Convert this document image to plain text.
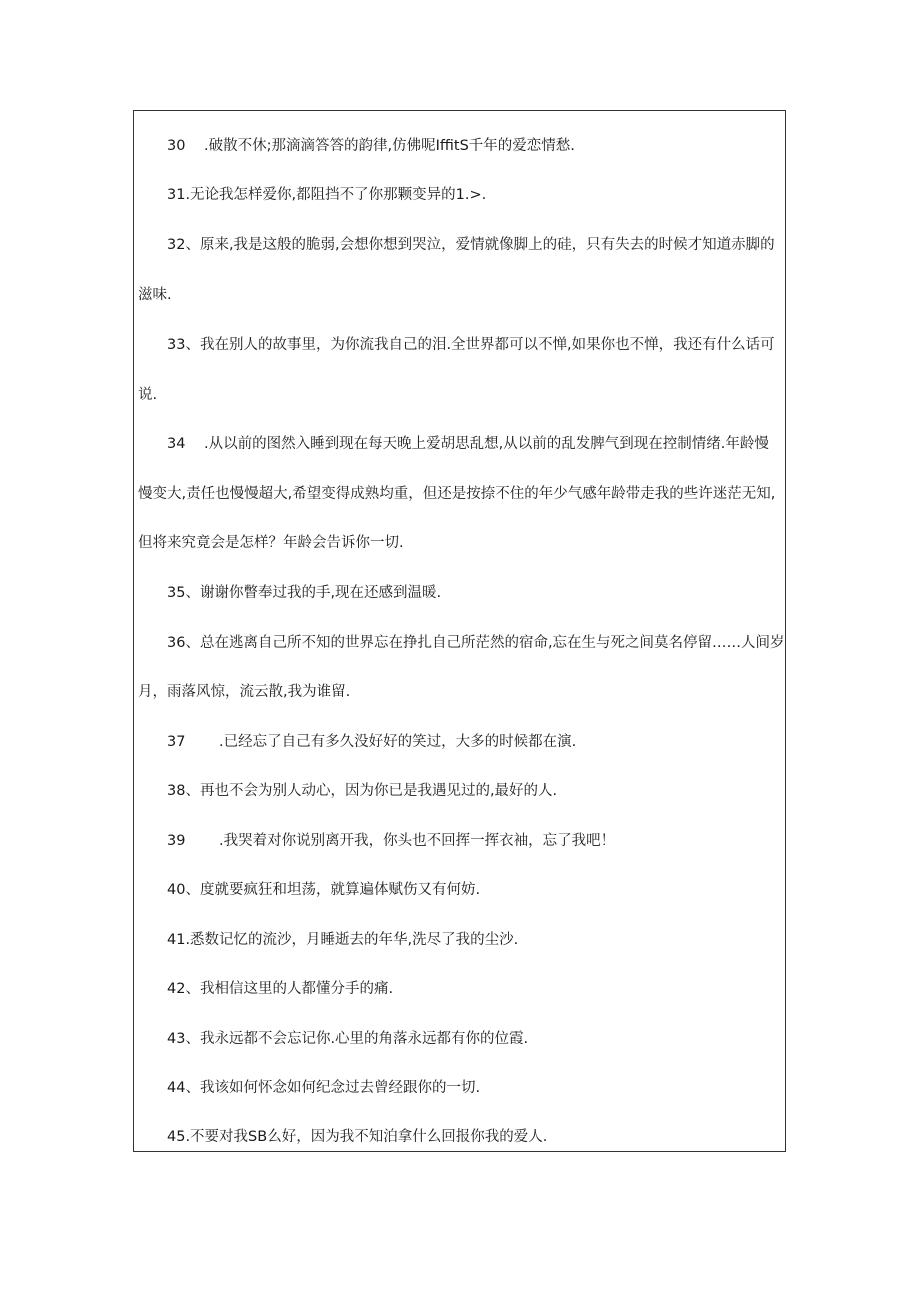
30 .破散不休;那滴滴答答的韵律,仿佛呢IffitS千年的爱恋情愁.
31.无论我怎样爱你,都阻挡不了你那颗变异的1.>.
32、原来,我是这般的脆弱,会想你想到哭泣，爱情就像脚上的硅，只有失去的时候才知道赤脚的
滋味.
33、我在别人的故事里，为你流我自己的泪.全世界都可以不惮,如果你也不惮，我还有什么话可
说.
34 .从以前的图然入睡到现在每天晚上爱胡思乱想,从以前的乱发脾气到现在控制情绪.年龄慢
慢变大,责任也慢慢超大,希望变得成熟均重，但还是按捺不住的年少气感年龄带走我的些许迷茫无知,
但将来究竟会是怎样？年龄会告诉你一切.
35、谢谢你瞥奉过我的手,现在还感到温暖.
36、总在逃离自己所不知的世界忘在挣扎自己所茫然的宿命,忘在生与死之间莫名停留……人间岁
月，雨落风惊，流云散,我为谁留.
37 .已经忘了自己有多久没好好的笑过，大多的时候都在演.
38、再也不会为别人动心，因为你已是我遇见过的,最好的人.
39 .我哭着对你说别离开我，你头也不回挥一挥衣袖，忘了我吧！
40、度就要疯狂和坦荡，就算遍体赋伤又有何妨.
41.悉数记忆的流沙，月睡逝去的年华,洗尽了我的尘沙.
42、我相信这里的人都懂分手的痛.
43、我永远都不会忘记你.心里的角落永远都有你的位霞.
44、我该如何怀念如何纪念过去曾经跟你的一切.
45.不要对我SB么好，因为我不知泊拿什么回报你我的爱人.
